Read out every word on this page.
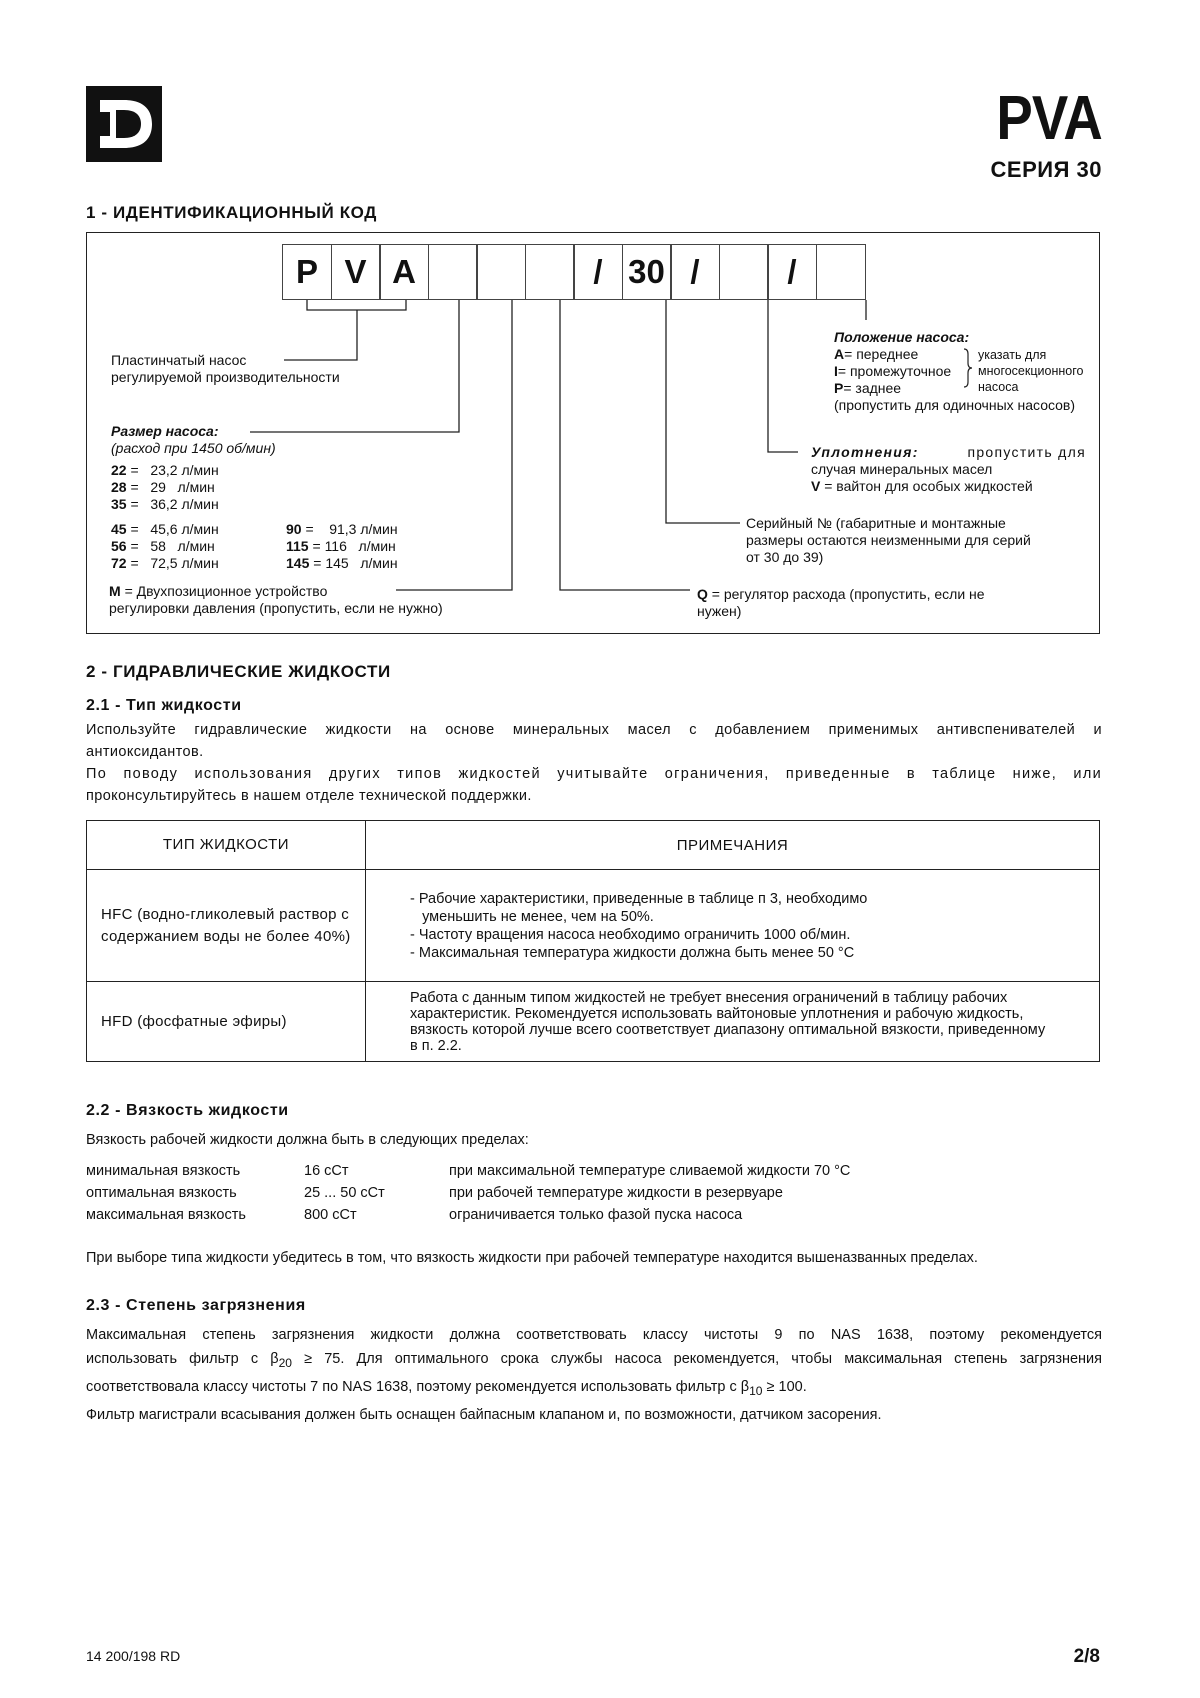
PVA
СЕРИЯ 30
1 - ИДЕНТИФИКАЦИОННЫЙ КОД
P V A	/ 30 /	/
Пластинчатый насос
регулируемой производительности
Размер насоса:
(расход при 1450 об/мин)
22 =   23,2 л/мин
28 =   29   л/мин
35 =   36,2 л/мин
45 =   45,6 л/мин
56 =   58   л/мин
72 =   72,5 л/мин
90 =    91,3 л/мин
115 = 116   л/мин
145 = 145   л/мин
M = Двухпозиционное устройство
регулировки давления (пропустить, если не нужно)
Положение насоса:
A= переднее
I= промежуточное
P= заднее
(пропустить для одиночных насосов)
указать для
многосекционного
насоса
Уплотнения:	пропустить для
случая минеральных масел
V = вайтон для особых жидкостей
Серийный № (габаритные и монтажные
размеры остаются неизменными для серий
от 30 до 39)
Q = регулятор расхода (пропустить, если не
нужен)
2 - ГИДРАВЛИЧЕСКИЕ ЖИДКОСТИ
2.1 - Тип жидкости
Используйте гидравлические жидкости на основе минеральных масел с добавлением применимых антивспенивателей и
антиоксидантов.
По поводу использования других типов жидкостей учитывайте ограничения, приведенные в таблице ниже, или
проконсультируйтесь в нашем отделе технической поддержки.
ТИП ЖИДКОСТИ	ПРИМЕЧАНИЯ
HFC (водно-гликолевый раствор с содержанием воды не более 40%)	- Рабочие характеристики, приведенные в таблице п 3, необходимо
уменьшить не менее, чем на 50%.
- Частоту вращения насоса необходимо ограничить 1000 об/мин.
- Максимальная температура жидкости должна быть менее 50 °C

HFD (фосфатные эфиры)	Работа с данным типом жидкостей не требует внесения ограничений в таблицу рабочих характеристик. Рекомендуется использовать вайтоновые уплотнения и рабочую жидкость, вязкость которой лучше всего соответствует диапазону оптимальной вязкости, приведенному в п. 2.2.
2.2 - Вязкость жидкости
Вязкость рабочей жидкости должна быть в следующих пределах:
минимальная вязкость	16 сСт	при максимальной температуре сливаемой жидкости 70 °C
оптимальная вязкость	25 ... 50 сСт	при рабочей температуре жидкости в резервуаре
максимальная вязкость	800 сСт	ограничивается только фазой пуска насоса
При выборе типа жидкости убедитесь в том, что вязкость жидкости при рабочей температуре находится вышеназванных пределах.
2.3 - Степень загрязнения
Максимальная степень загрязнения жидкости должна соответствовать классу чистоты 9 по NAS 1638, поэтому рекомендуется
использовать фильтр с $\beta_{20} \ge 75$. Для оптимального срока службы насоса рекомендуется, чтобы максимальная степень загрязнения
соответствовала классу чистоты 7 по NAS 1638, поэтому рекомендуется использовать фильтр с $\beta_{10} \ge 100$.
Фильтр магистрали всасывания должен быть оснащен байпасным клапаном и, по возможности, датчиком засорения.
14 200/198 RD	2/8
